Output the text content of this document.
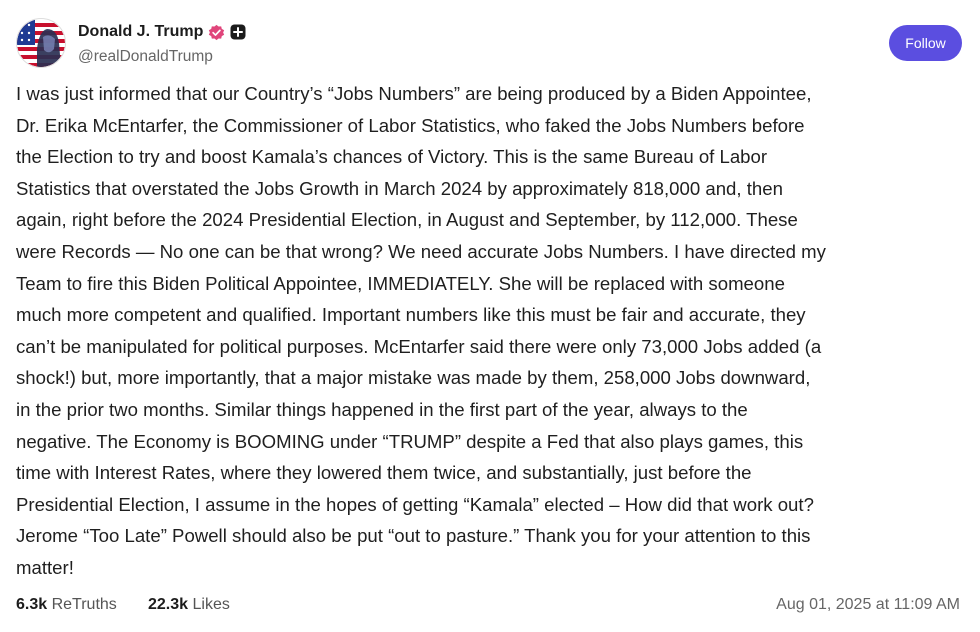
Donald J. Trump
@realDonaldTrump
Follow

I was just informed that our Country’s “Jobs Numbers” are being produced by a Biden Appointee,
Dr. Erika McEntarfer, the Commissioner of Labor Statistics, who faked the Jobs Numbers before
the Election to try and boost Kamala’s chances of Victory. This is the same Bureau of Labor
Statistics that overstated the Jobs Growth in March 2024 by approximately 818,000 and, then
again, right before the 2024 Presidential Election, in August and September, by 112,000. These
were Records — No one can be that wrong? We need accurate Jobs Numbers. I have directed my
Team to fire this Biden Political Appointee, IMMEDIATELY. She will be replaced with someone
much more competent and qualified. Important numbers like this must be fair and accurate, they
can’t be manipulated for political purposes. McEntarfer said there were only 73,000 Jobs added (a
shock!) but, more importantly, that a major mistake was made by them, 258,000 Jobs downward,
in the prior two months. Similar things happened in the first part of the year, always to the
negative. The Economy is BOOMING under “TRUMP” despite a Fed that also plays games, this
time with Interest Rates, where they lowered them twice, and substantially, just before the
Presidential Election, I assume in the hopes of getting “Kamala” elected – How did that work out?
Jerome “Too Late” Powell should also be put “out to pasture.” Thank you for your attention to this
matter!

6.3k ReTruths 22.3k Likes	Aug 01, 2025 at 11:09 AM
